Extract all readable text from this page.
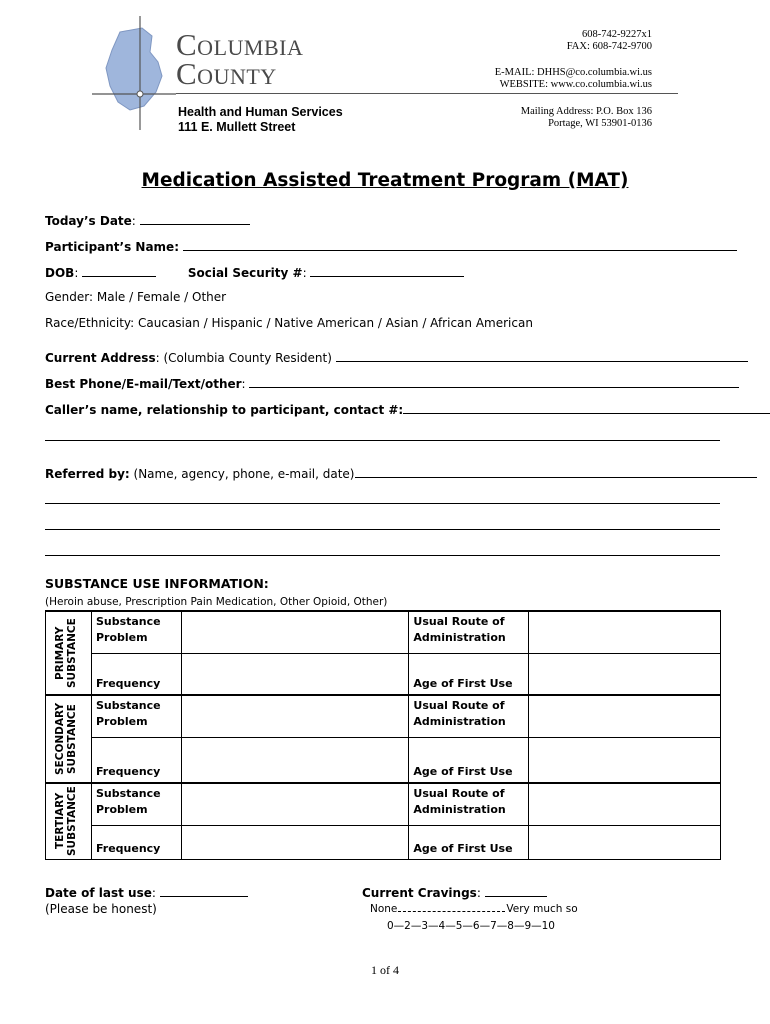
Columbia
County
Health and Human Services
111 E. Mullett Street
608-742-9227x1
FAX: 608-742-9700
E-MAIL: DHHS@co.columbia.wi.us
WEBSITE: www.co.columbia.wi.us
Mailing Address: P.O. Box 136
Portage, WI 53901-0136
Medication Assisted Treatment Program (MAT)
Today’s Date:
Participant’s Name:
DOB:	Social Security #:
Gender: Male / Female / Other
Race/Ethnicity: Caucasian / Hispanic / Native American / Asian / African American
Current Address: (Columbia County Resident)
Best Phone/E-mail/Text/other:
Caller’s name, relationship to participant, contact #:
Referred by: (Name, agency, phone, e-mail, date)
SUBSTANCE USE INFORMATION:
(Heroin abuse, Prescription Pain Medication, Other Opioid, Other)
PRIMARY SUBSTANCE	Substance Problem		Usual Route of Administration	
	Frequency		Age of First Use	

SECONDARY SUBSTANCE	Substance Problem		Usual Route of Administration	
	Frequency		Age of First Use	

TERTIARY SUBSTANCE	Substance Problem		Usual Route of Administration	
	Frequency		Age of First Use	
Date of last use:
(Please be honest)
Current Cravings:
None	Very much so
0—2—3—4—5—6—7—8—9—10
1 of 4
